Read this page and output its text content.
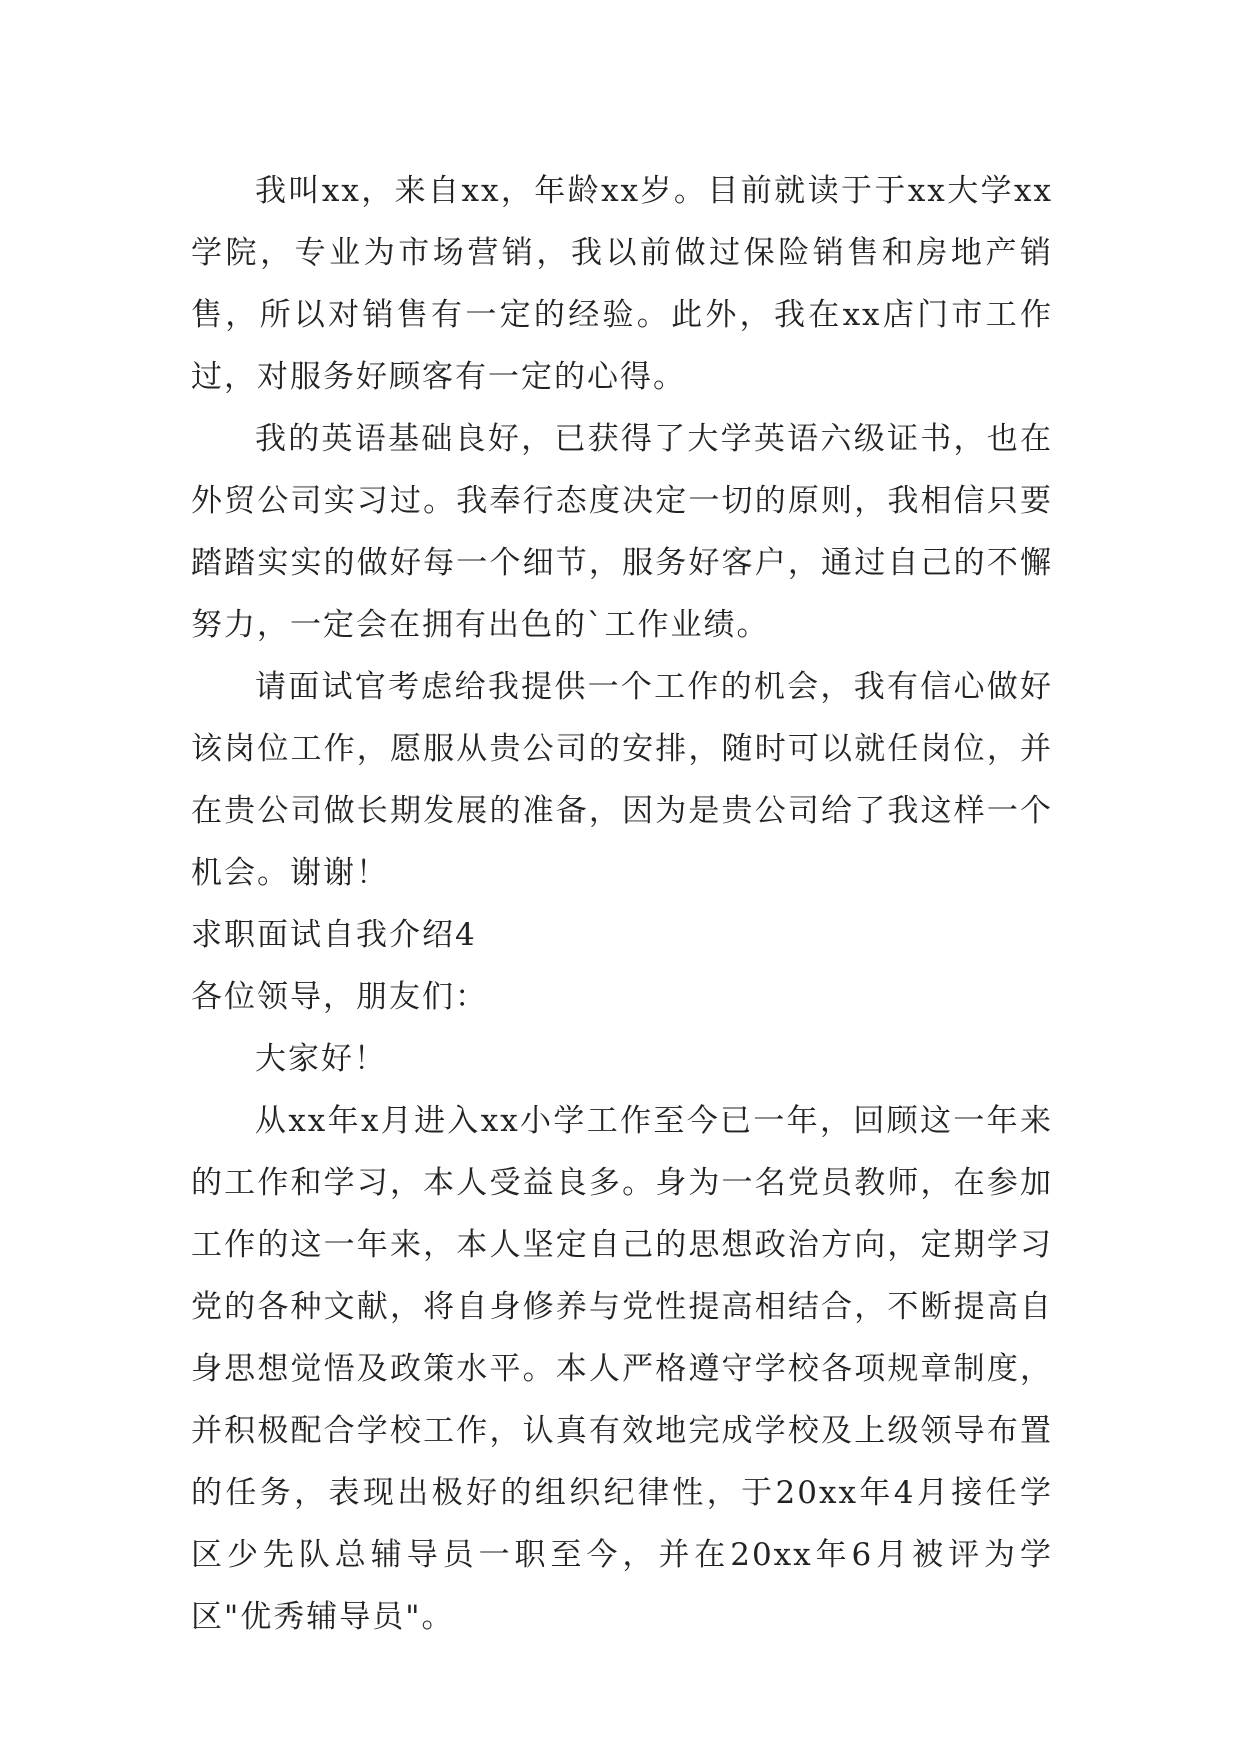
我叫xx，来自xx，年龄xx岁。目前就读于于xx大学xx学院，专业为市场营销，我以前做过保险销售和房地产销售，所以对销售有一定的经验。此外，我在xx店门市工作过，对服务好顾客有一定的心得。

我的英语基础良好，已获得了大学英语六级证书，也在外贸公司实习过。我奉行态度决定一切的原则，我相信只要踏踏实实的做好每一个细节，服务好客户，通过自己的不懈努力，一定会在拥有出色的`工作业绩。

请面试官考虑给我提供一个工作的机会，我有信心做好该岗位工作，愿服从贵公司的安排，随时可以就任岗位，并在贵公司做长期发展的准备，因为是贵公司给了我这样一个机会。谢谢！

求职面试自我介绍4

各位领导，朋友们：

大家好！

从xx年x月进入xx小学工作至今已一年，回顾这一年来的工作和学习，本人受益良多。身为一名党员教师，在参加工作的这一年来，本人坚定自己的思想政治方向，定期学习党的各种文献，将自身修养与党性提高相结合，不断提高自身思想觉悟及政策水平。本人严格遵守学校各项规章制度，并积极配合学校工作，认真有效地完成学校及上级领导布置的任务，表现出极好的组织纪律性，于20xx年4月接任学区少先队总辅导员一职至今，并在20xx年6月被评为学区"优秀辅导员"。
